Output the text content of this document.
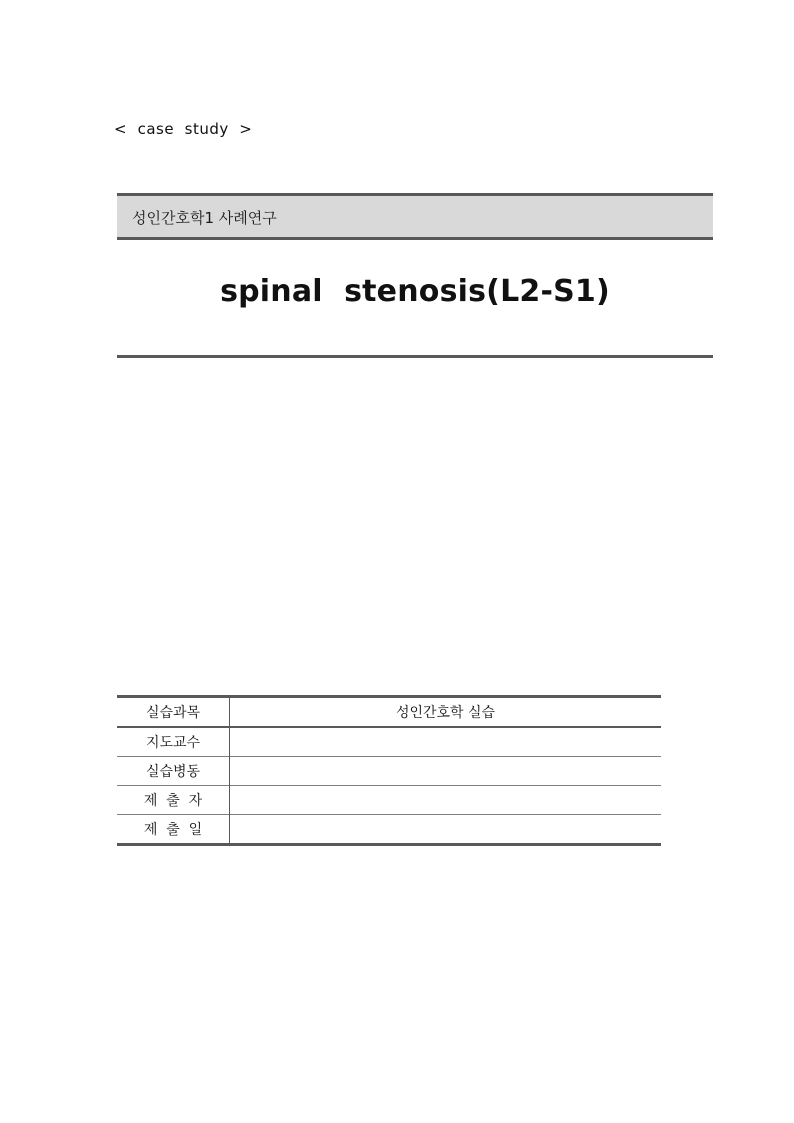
<  case  study  >
성인간호학1 사례연구
spinal  stenosis(L2-S1)
실습과목	성인간호학 실습
지도교수	
실습병동	
제  출  자	
제  출  일	
